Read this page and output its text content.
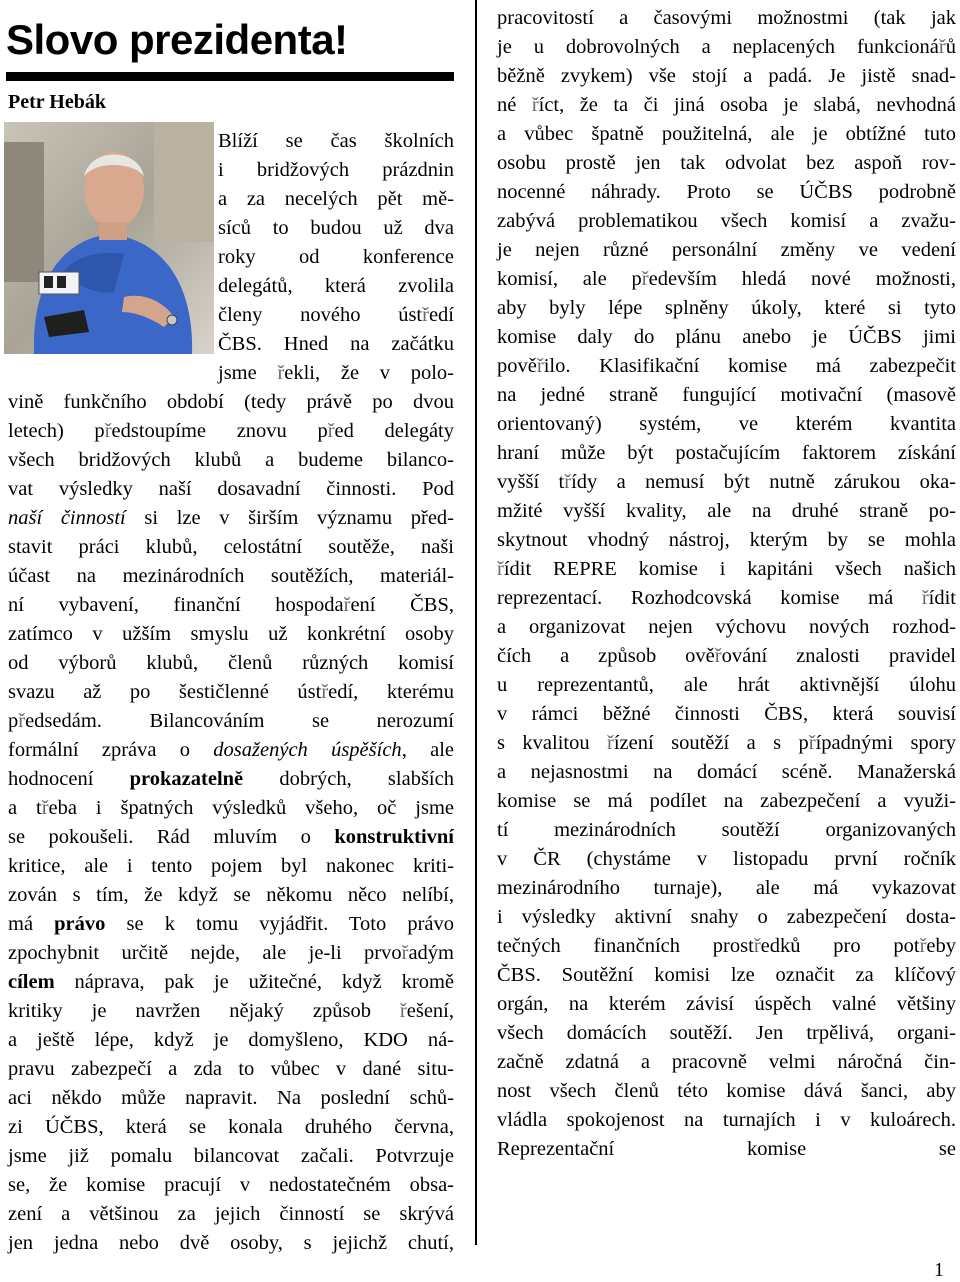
Slovo prezidenta!
Petr Hebák
Blíží se čas školních
i bridžových prázdnin
a za necelých pět mě-
síců to budou už dva
roky od konference
delegátů, která zvolila
členy nového ústředí
ČBS. Hned na začátku
jsme řekli, že v polo-
vině funkčního období (tedy právě po dvou
letech) předstoupíme znovu před delegáty
všech bridžových klubů a budeme bilanco-
vat výsledky naší dosavadní činnosti. Pod
naší činností si lze v širším významu před-
stavit práci klubů, celostátní soutěže, naši
účast na mezinárodních soutěžích, materiál-
ní vybavení, finanční hospodaření ČBS,
zatímco v užším smyslu už konkrétní osoby
od výborů klubů, členů různých komisí
svazu až po šestičlenné ústředí, kterému
předsedám. Bilancováním se nerozumí
formální zpráva o dosažených úspěších, ale
hodnocení prokazatelně dobrých, slabších
a třeba i špatných výsledků všeho, oč jsme
se pokoušeli. Rád mluvím o konstruktivní
kritice, ale i tento pojem byl nakonec kriti-
zován s tím, že když se někomu něco nelíbí,
má právo se k tomu vyjádřit. Toto právo
zpochybnit určitě nejde, ale je-li prvořadým
cílem náprava, pak je užitečné, když kromě
kritiky je navržen nějaký způsob řešení,
a ještě lépe, když je domyšleno, KDO ná-
pravu zabezpečí a zda to vůbec v dané situ-
aci někdo může napravit. Na poslední schů-
zi ÚČBS, která se konala druhého června,
jsme již pomalu bilancovat začali. Potvrzuje
se, že komise pracují v nedostatečném obsa-
zení a většinou za jejich činností se skrývá
jen jedna nebo dvě osoby, s jejichž chutí,
pracovitostí a časovými možnostmi (tak jak
je u dobrovolných a neplacených funkcionářů
běžně zvykem) vše stojí a padá. Je jistě snad-
né říct, že ta či jiná osoba je slabá, nevhodná
a vůbec špatně použitelná, ale je obtížné tuto
osobu prostě jen tak odvolat bez aspoň rov-
nocenné náhrady. Proto se ÚČBS podrobně
zabývá problematikou všech komisí a zvažu-
je nejen různé personální změny ve vedení
komisí, ale především hledá nové možnosti,
aby byly lépe splněny úkoly, které si tyto
komise daly do plánu anebo je ÚČBS jimi
pověřilo. Klasifikační komise má zabezpečit
na jedné straně fungující motivační (masově
orientovaný) systém, ve kterém kvantita
hraní může být postačujícím faktorem získání
vyšší třídy a nemusí být nutně zárukou oka-
mžité vyšší kvality, ale na druhé straně po-
skytnout vhodný nástroj, kterým by se mohla
řídit REPRE komise i kapitáni všech našich
reprezentací. Rozhodcovská komise má řídit
a organizovat nejen výchovu nových rozhod-
čích a způsob ověřování znalosti pravidel
u reprezentantů, ale hrát aktivnější úlohu
v rámci běžné činnosti ČBS, která souvisí
s kvalitou řízení soutěží a s případnými spory
a nejasnostmi na domácí scéně. Manažerská
komise se má podílet na zabezpečení a využi-
tí mezinárodních soutěží organizovaných
v ČR (chystáme v listopadu první ročník
mezinárodního turnaje), ale má vykazovat
i výsledky aktivní snahy o zabezpečení dosta-
tečných finančních prostředků pro potřeby
ČBS. Soutěžní komisi lze označit za klíčový
orgán, na kterém závisí úspěch valné většiny
všech domácích soutěží. Jen trpělivá, organi-
začně zdatná a pracovně velmi náročná čin-
nost všech členů této komise dává šanci, aby
vládla spokojenost na turnajích i v kuloárech.
Reprezentační komise se
1
